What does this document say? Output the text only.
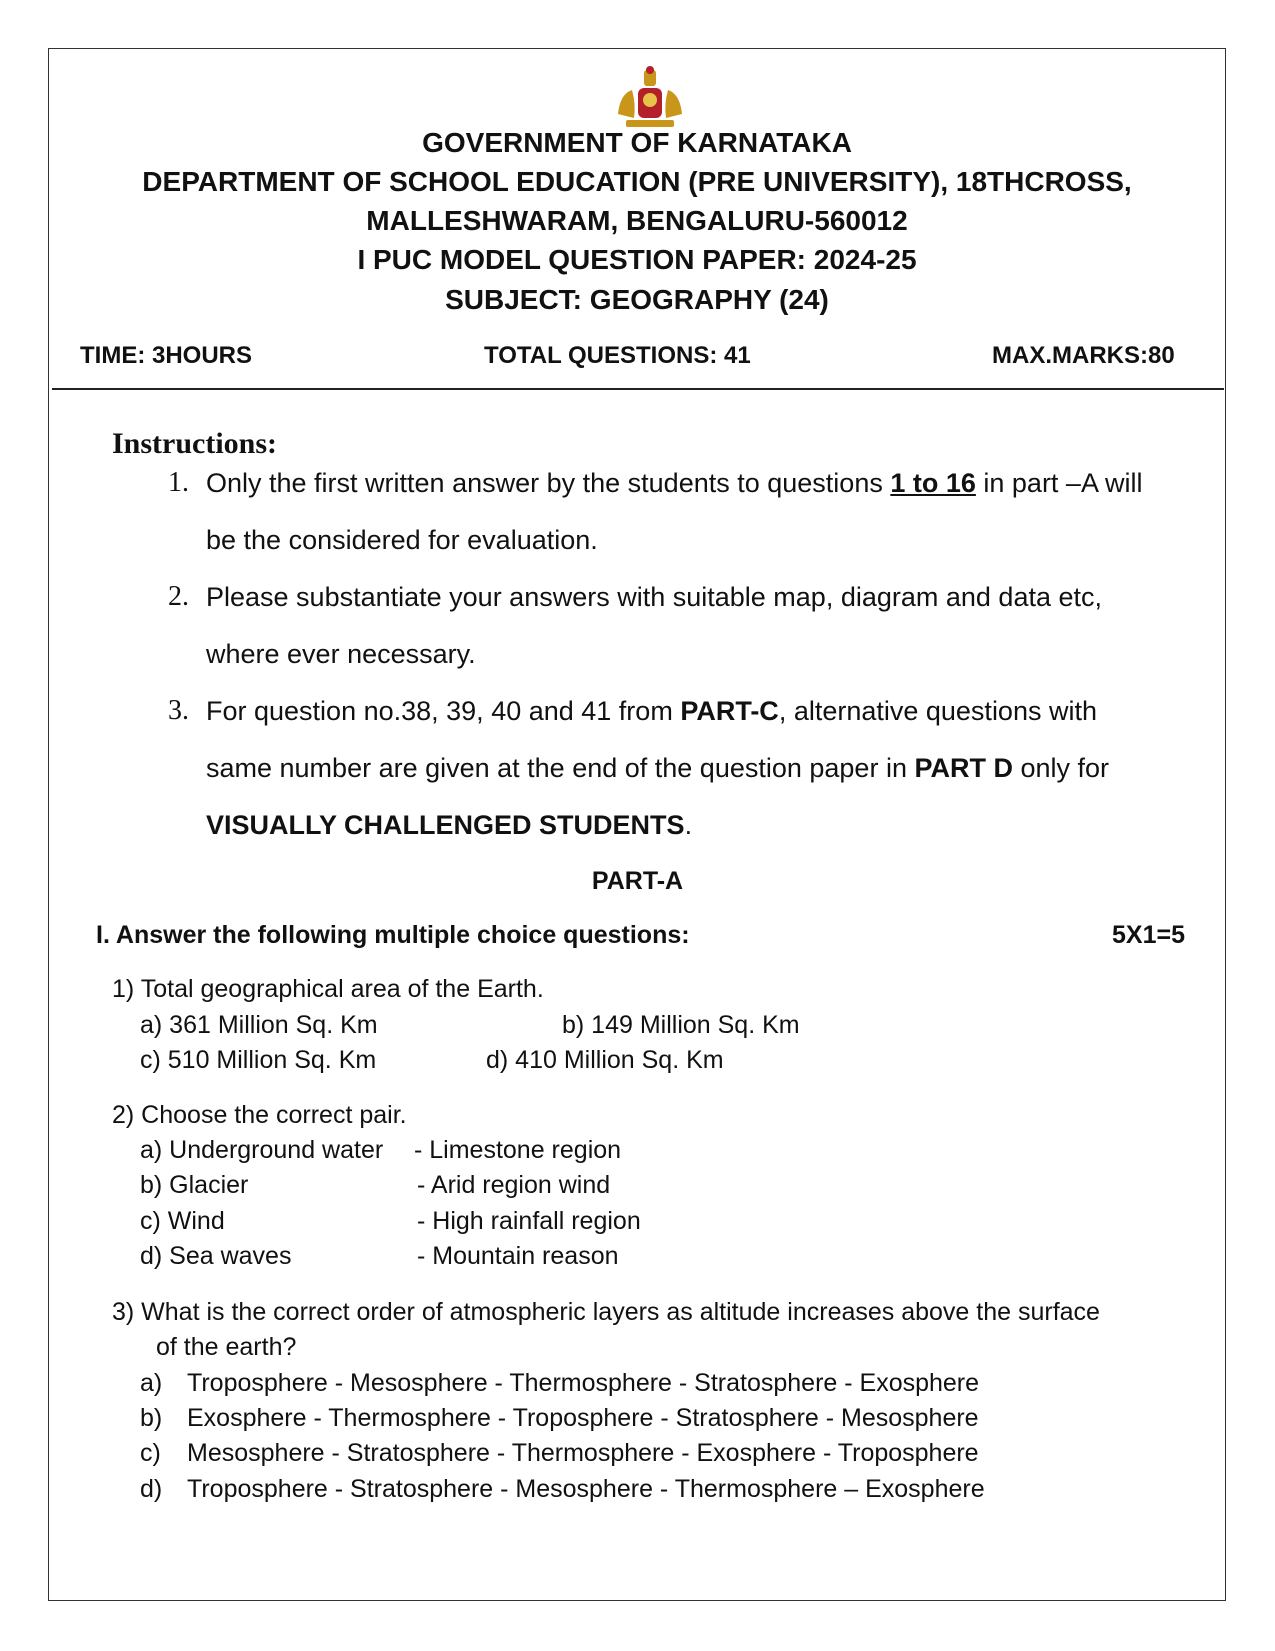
GOVERNMENT OF KARNATAKA
DEPARTMENT OF SCHOOL EDUCATION (PRE UNIVERSITY), 18THCROSS,
MALLESHWARAM, BENGALURU-560012
I PUC MODEL QUESTION PAPER: 2024-25
SUBJECT: GEOGRAPHY (24)
TIME: 3HOURS	TOTAL QUESTIONS: 41	MAX.MARKS:80
Instructions:
1. Only the first written answer by the students to questions 1 to 16 in part –A will
be the considered for evaluation.
2. Please substantiate your answers with suitable map, diagram and data etc,
where ever necessary.
3. For question no.38, 39, 40 and 41 from PART-C, alternative questions with
same number are given at the end of the question paper in PART D only for
VISUALLY CHALLENGED STUDENTS.
PART-A
I. Answer the following multiple choice questions:	5X1=5
1) Total geographical area of the Earth.
a) 361 Million Sq. Km	b) 149 Million Sq. Km
c) 510 Million Sq. Km	d) 410 Million Sq. Km
2) Choose the correct pair.
a) Underground water - Limestone region
b) Glacier	- Arid region wind
c) Wind	- High rainfall region
d) Sea waves	- Mountain reason
3) What is the correct order of atmospheric layers as altitude increases above the surface
of the earth?
a) Troposphere - Mesosphere - Thermosphere - Stratosphere - Exosphere
b) Exosphere - Thermosphere - Troposphere - Stratosphere - Mesosphere
c) Mesosphere - Stratosphere - Thermosphere - Exosphere - Troposphere
d) Troposphere - Stratosphere - Mesosphere - Thermosphere – Exosphere
